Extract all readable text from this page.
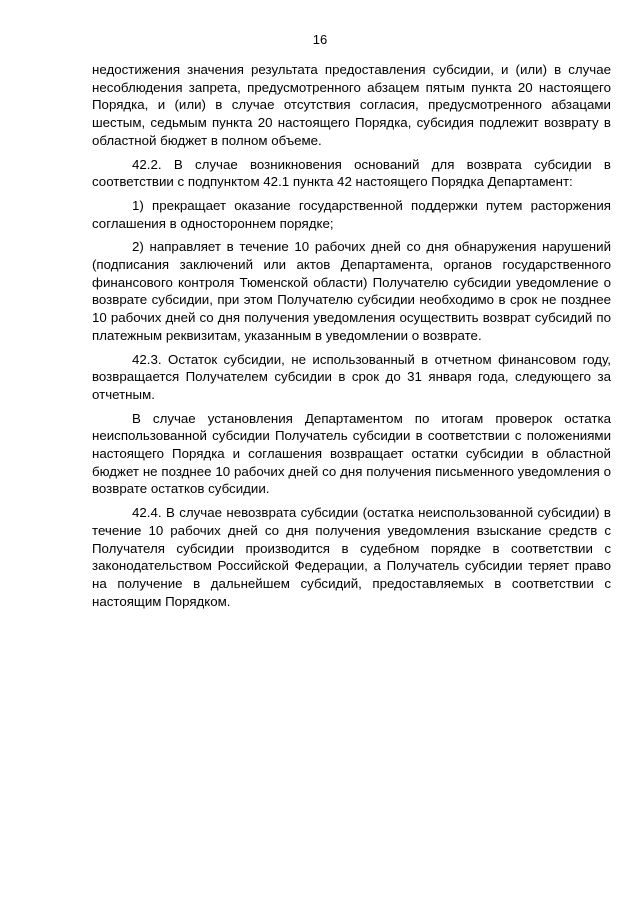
16

недостижения значения результата предоставления субсидии, и (или) в случае несоблюдения запрета, предусмотренного абзацем пятым пункта 20 настоящего Порядка, и (или) в случае отсутствия согласия, предусмотренного абзацами шестым, седьмым пункта 20 настоящего Порядка, субсидия подлежит возврату в областной бюджет в полном объеме.

42.2. В случае возникновения оснований для возврата субсидии в соответствии с подпунктом 42.1 пункта 42 настоящего Порядка Департамент:

1) прекращает оказание государственной поддержки путем расторжения соглашения в одностороннем порядке;

2) направляет в течение 10 рабочих дней со дня обнаружения нарушений (подписания заключений или актов Департамента, органов государственного финансового контроля Тюменской области) Получателю субсидии уведомление о возврате субсидии, при этом Получателю субсидии необходимо в срок не позднее 10 рабочих дней со дня получения уведомления осуществить возврат субсидий по платежным реквизитам, указанным в уведомлении о возврате.

42.3. Остаток субсидии, не использованный в отчетном финансовом году, возвращается Получателем субсидии в срок до 31 января года, следующего за отчетным.

В случае установления Департаментом по итогам проверок остатка неиспользованной субсидии Получатель субсидии в соответствии с положениями настоящего Порядка и соглашения возвращает остатки субсидии в областной бюджет не позднее 10 рабочих дней со дня получения письменного уведомления о возврате остатков субсидии.

42.4. В случае невозврата субсидии (остатка неиспользованной субсидии) в течение 10 рабочих дней со дня получения уведомления взыскание средств с Получателя субсидии производится в судебном порядке в соответствии с законодательством Российской Федерации, а Получатель субсидии теряет право на получение в дальнейшем субсидий, предоставляемых в соответствии с настоящим Порядком.
